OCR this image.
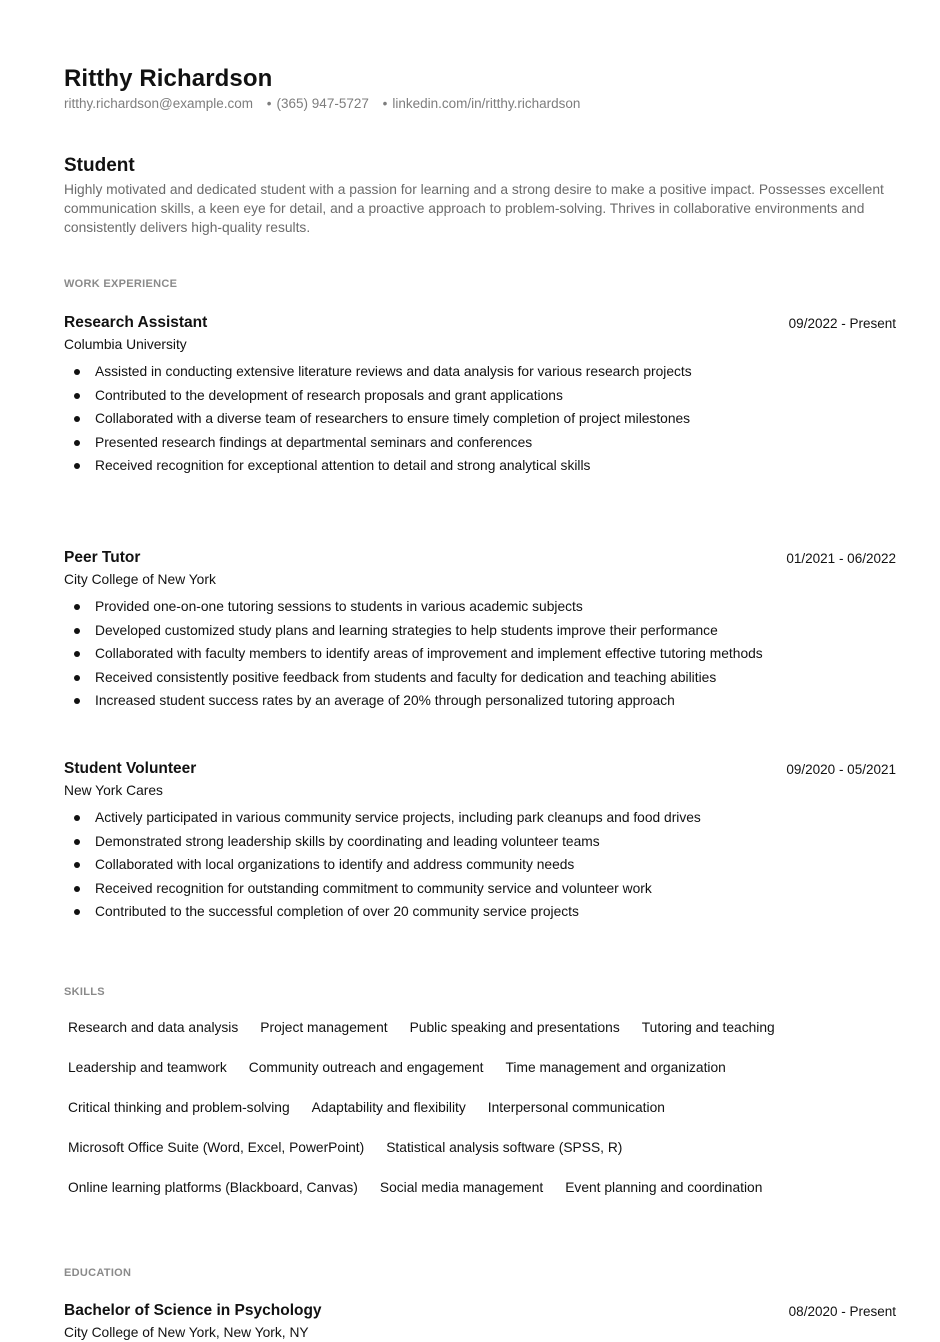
Ritthy Richardson
ritthy.richardson@example.com • (365) 947-5727 • linkedin.com/in/ritthy.richardson
Student

Highly motivated and dedicated student with a passion for learning and a strong desire to make a positive impact. Possesses excellent communication skills, a keen eye for detail, and a proactive approach to problem-solving. Thrives in collaborative environments and consistently delivers high-quality results.

WORK EXPERIENCE
Research Assistant	09/2022 - Present
Columbia University
Assisted in conducting extensive literature reviews and data analysis for various research projects
Contributed to the development of research proposals and grant applications
Collaborated with a diverse team of researchers to ensure timely completion of project milestones
Presented research findings at departmental seminars and conferences
Received recognition for exceptional attention to detail and strong analytical skills
Peer Tutor	01/2021 - 06/2022
City College of New York
Provided one-on-one tutoring sessions to students in various academic subjects
Developed customized study plans and learning strategies to help students improve their performance
Collaborated with faculty members to identify areas of improvement and implement effective tutoring methods
Received consistently positive feedback from students and faculty for dedication and teaching abilities
Increased student success rates by an average of 20% through personalized tutoring approach
Student Volunteer	09/2020 - 05/2021
New York Cares
Actively participated in various community service projects, including park cleanups and food drives
Demonstrated strong leadership skills by coordinating and leading volunteer teams
Collaborated with local organizations to identify and address community needs
Received recognition for outstanding commitment to community service and volunteer work
Contributed to the successful completion of over 20 community service projects
SKILLS
Research and data analysis Project management Public speaking and presentations Tutoring and teaching
Leadership and teamwork Community outreach and engagement Time management and organization
Critical thinking and problem-solving Adaptability and flexibility Interpersonal communication
Microsoft Office Suite (Word, Excel, PowerPoint) Statistical analysis software (SPSS, R)
Online learning platforms (Blackboard, Canvas) Social media management Event planning and coordination
EDUCATION
Bachelor of Science in Psychology	08/2020 - Present
City College of New York, New York, NY
